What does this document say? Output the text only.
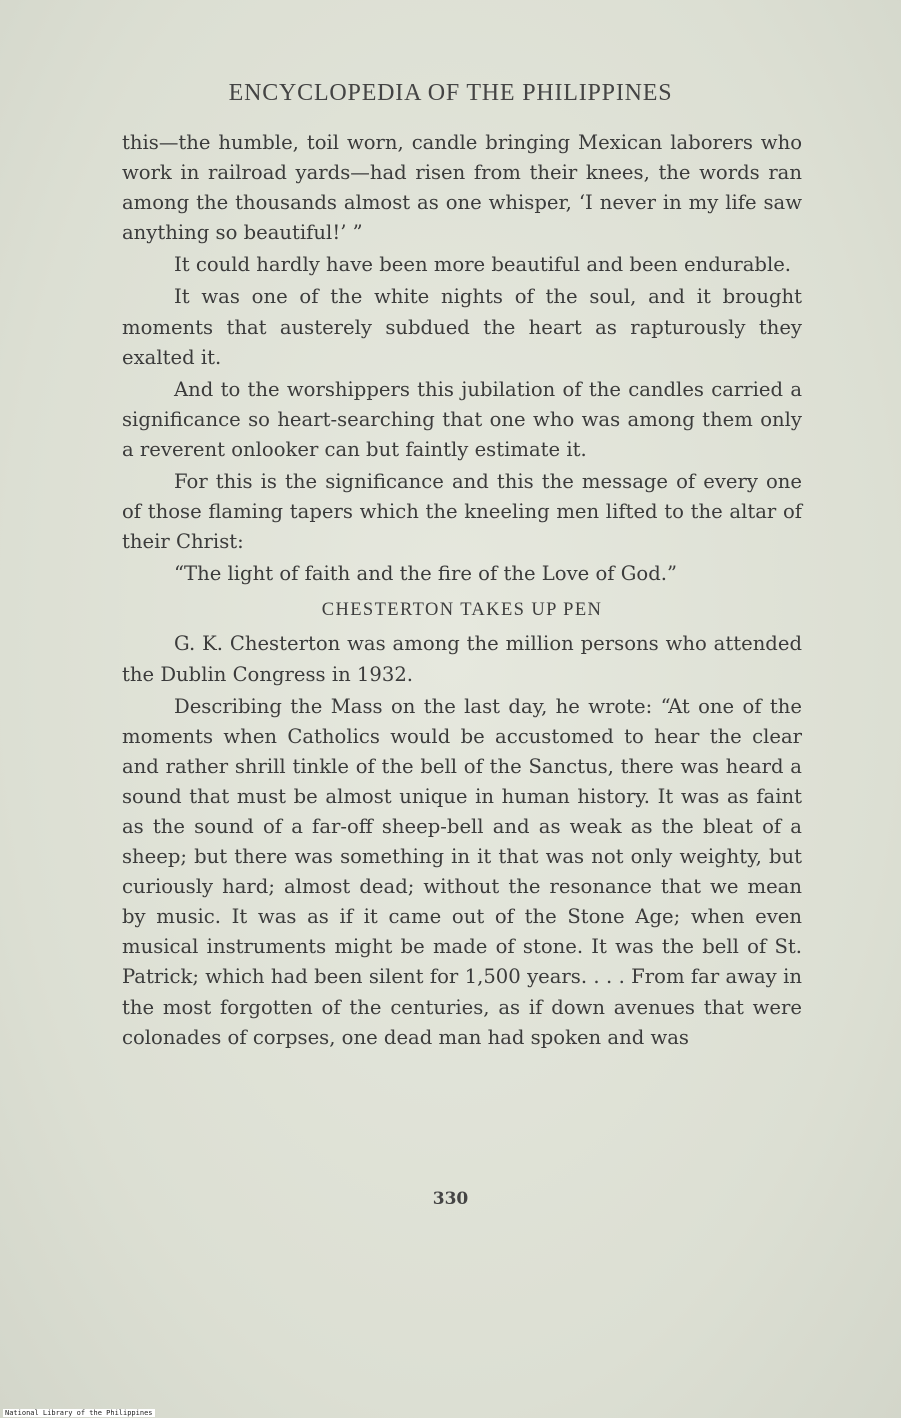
ENCYCLOPEDIA OF THE PHILIPPINES

this—the humble, toil worn, candle bringing Mexican laborers who work in railroad yards—had risen from their knees, the words ran among the thousands almost as one whisper, ‘I never in my life saw anything so beautiful!’ ”

It could hardly have been more beautiful and been endurable.

It was one of the white nights of the soul, and it brought moments that austerely subdued the heart as rapturously they exalted it.

And to the worshippers this jubilation of the candles carried a significance so heart-searching that one who was among them only a reverent onlooker can but faintly estimate it.

For this is the significance and this the message of every one of those flaming tapers which the kneeling men lifted to the altar of their Christ:

“The light of faith and the fire of the Love of God.”

CHESTERTON TAKES UP PEN

G. K. Chesterton was among the million persons who attended the Dublin Congress in 1932.

Describing the Mass on the last day, he wrote: “At one of the moments when Catholics would be accustomed to hear the clear and rather shrill tinkle of the bell of the Sanctus, there was heard a sound that must be almost unique in human history. It was as faint as the sound of a far-off sheep-bell and as weak as the bleat of a sheep; but there was something in it that was not only weighty, but curiously hard; almost dead; without the resonance that we mean by music. It was as if it came out of the Stone Age; when even musical instruments might be made of stone. It was the bell of St. Patrick; which had been silent for 1,500 years. . . . From far away in the most forgotten of the centuries, as if down avenues that were colonades of corpses, one dead man had spoken and was

330
National Library of the Philippines
